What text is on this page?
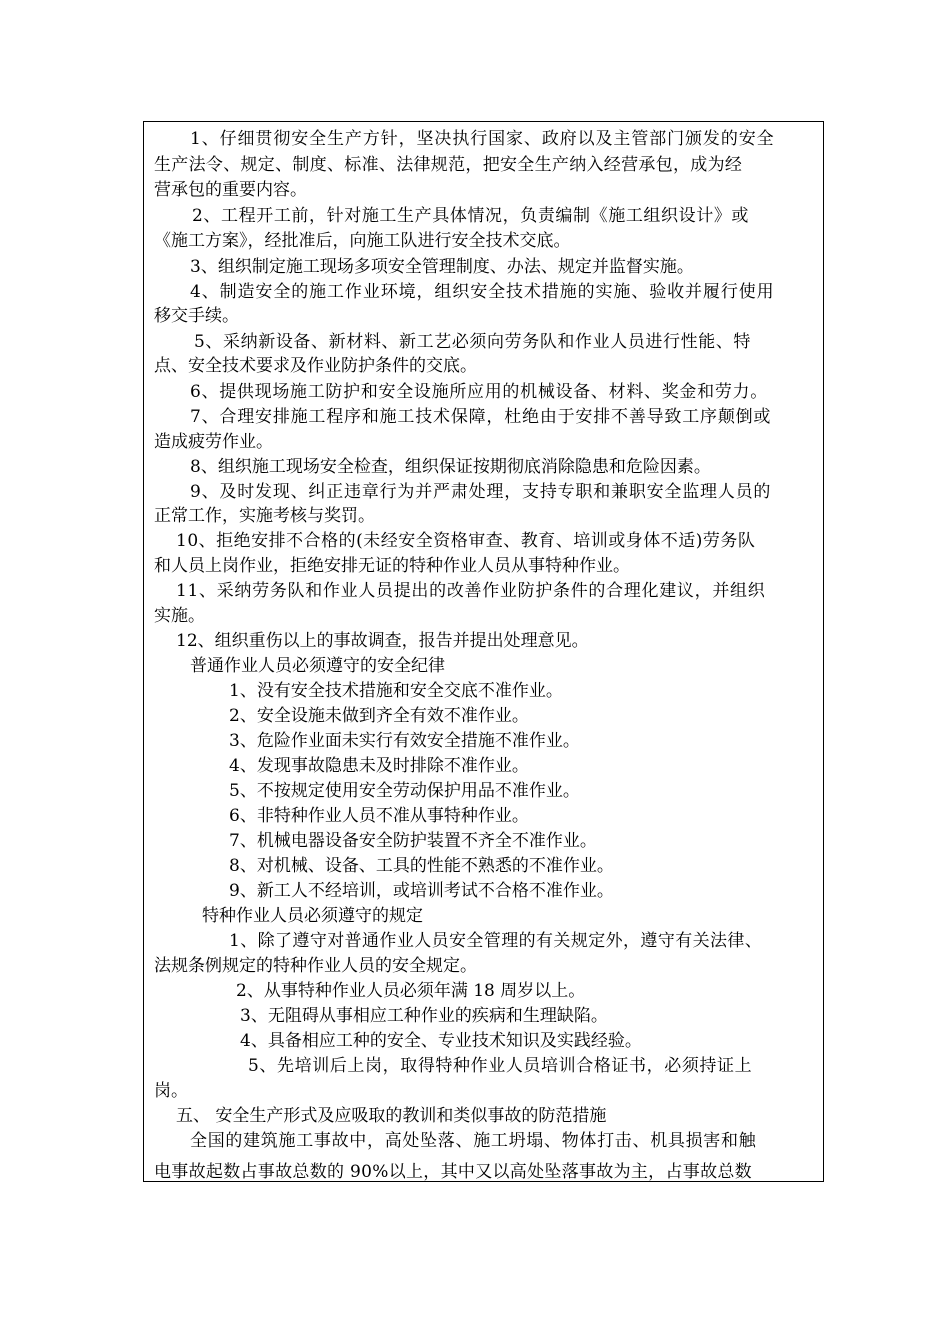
1、仔细贯彻安全生产方针，坚决执行国家、政府以及主管部门颁发的安全
生产法令、规定、制度、标准、法律规范，把安全生产纳入经营承包，成为经
营承包的重要内容。
2、工程开工前，针对施工生产具体情况，负责编制《施工组织设计》或
《施工方案》，经批准后，向施工队进行安全技术交底。
3、组织制定施工现场多项安全管理制度、办法、规定并监督实施。
4、制造安全的施工作业环境，组织安全技术措施的实施、验收并履行使用
移交手续。
5、采纳新设备、新材料、新工艺必须向劳务队和作业人员进行性能、特
点、安全技术要求及作业防护条件的交底。
6、提供现场施工防护和安全设施所应用的机械设备、材料、奖金和劳力。
7、合理安排施工程序和施工技术保障，杜绝由于安排不善导致工序颠倒或
造成疲劳作业。
8、组织施工现场安全检查，组织保证按期彻底消除隐患和危险因素。
9、及时发现、纠正违章行为并严肃处理，支持专职和兼职安全监理人员的
正常工作，实施考核与奖罚。
10、拒绝安排不合格的(未经安全资格审查、教育、培训或身体不适)劳务队
和人员上岗作业，拒绝安排无证的特种作业人员从事特种作业。
11、采纳劳务队和作业人员提出的改善作业防护条件的合理化建议，并组织
实施。
12、组织重伤以上的事故调查，报告并提出处理意见。
普通作业人员必须遵守的安全纪律
1、没有安全技术措施和安全交底不准作业。
2、安全设施未做到齐全有效不准作业。
3、危险作业面未实行有效安全措施不准作业。
4、发现事故隐患未及时排除不准作业。
5、不按规定使用安全劳动保护用品不准作业。
6、非特种作业人员不准从事特种作业。
7、机械电器设备安全防护装置不齐全不准作业。
8、对机械、设备、工具的性能不熟悉的不准作业。
9、新工人不经培训，或培训考试不合格不准作业。
特种作业人员必须遵守的规定
1、除了遵守对普通作业人员安全管理的有关规定外，遵守有关法律、
法规条例规定的特种作业人员的安全规定。
2、从事特种作业人员必须年满 18 周岁以上。
3、无阻碍从事相应工种作业的疾病和生理缺陷。
4、具备相应工种的安全、专业技术知识及实践经验。
5、先培训后上岗，取得特种作业人员培训合格证书，必须持证上
岗。
五、 安全生产形式及应吸取的教训和类似事故的防范措施
全国的建筑施工事故中，高处坠落、施工坍塌、物体打击、机具损害和触
电事故起数占事故总数的 90%以上，其中又以高处坠落事故为主，占事故总数
